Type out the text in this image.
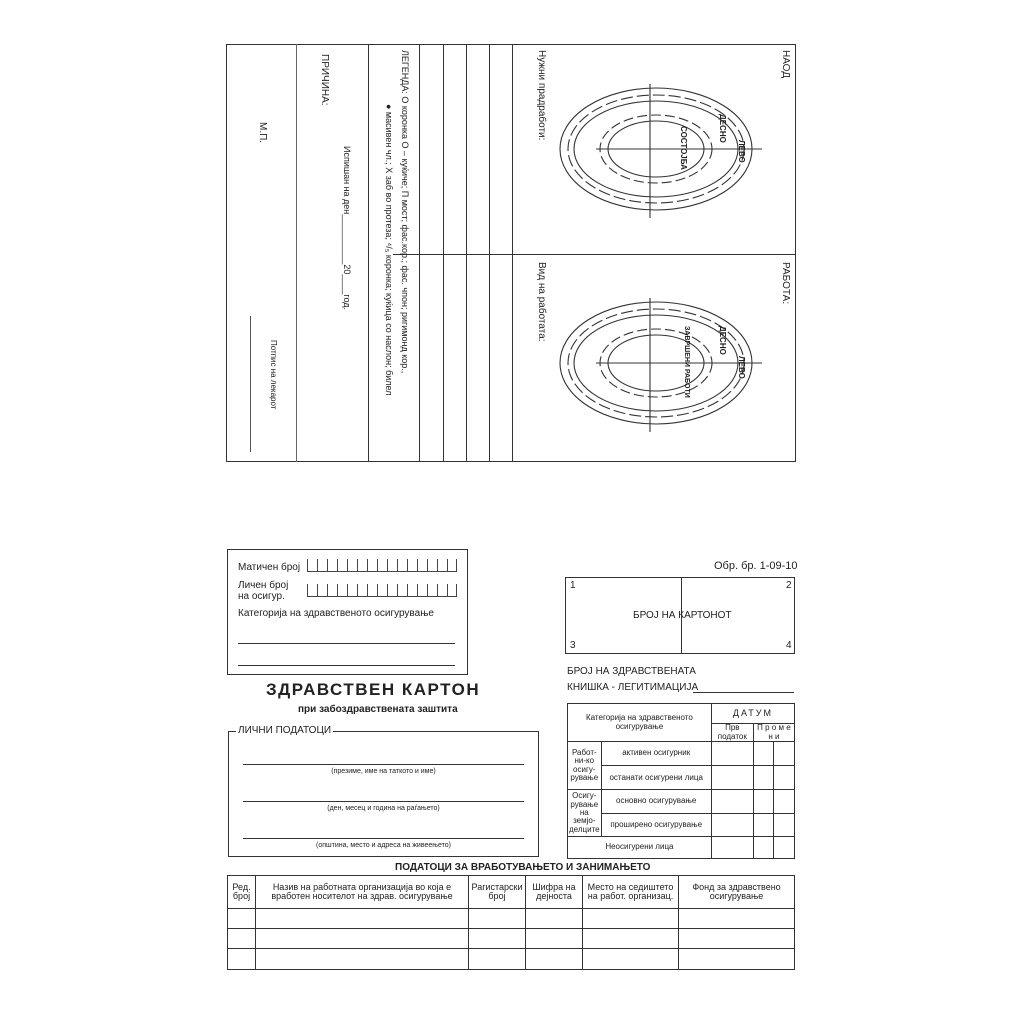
НАОД
РАБОТА:
Нужни прадработи:
Вид на работата:
ЛЕГЕНДА: О коронка О – куќиче; П мост; фас.кор.; фас. чпон; ригимонд кор.,
● масивен чл.; X заб во протеза; ⁴/₅ коронка; куќица со наслон; билел
ПРИЧИНА:
Испишан на ден__________20____год.
М.П.
Потпис на лекарот
ДЕСНО
ЛЕВО
СОСТОЈБА
ДЕСНО
ЛЕВО
ЗАВРШЕНИ РАБОТИ
Матичен број
Личен број
на осигур.
Категорија на здравственото осигурување
Обр. бр. 1-09-10
1	2
3	4
БРОЈ НА КАРТОНОТ
ЗДРАВСТВЕН КАРТОН
при забоздравствената заштита
БРОЈ НА ЗДРАВСТВЕНАТА
КНИШКА - ЛЕГИТИМАЦИЈА
ЛИЧНИ ПОДАТОЦИ
(презиме, име на таткото и име)
(ден, месец и година на раѓањето)
(општина, место и адреса на живеењето)
Категорија на здравственото осигурување		ДАТУМ		
		Прв податок	П р о м е н и	
Работ-ни-ко осигу-рување	активен осигурник			
	останати осигурени лица			
Осигу-рување на земјо-делците	основно осигурување			
	проширено осигурување			
Неосигурени лица				
ПОДАТОЦИ ЗА ВРАБОТУВАЊЕТО И ЗАНИМАЊЕТО
Ред. број	Назив на работната организација во која е вработен носителот на здрав. осигурување	Рагистарски број	Шифра на дејноста	Место на седиштето на работ. организац.	Фонд за здравствено осигурување
